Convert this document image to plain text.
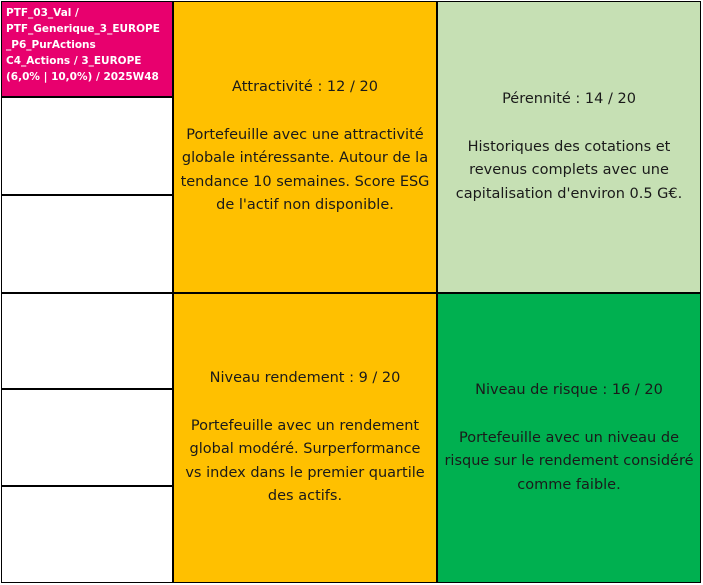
PTF_03_Val /
PTF_Generique_3_EUROPE
_P6_PurActions
C4_Actions / 3_EUROPE
(6,0% | 10,0%) / 2025W48
Attractivité : 12 / 20
Portefeuille avec une attractivité globale intéressante. Autour de la tendance 10 semaines. Score ESG de l'actif non disponible.
Pérennité : 14 / 20
Historiques des cotations et revenus complets avec une capitalisation d'environ 0.5 G€.
Niveau rendement : 9 / 20
Portefeuille avec un rendement global modéré. Surperformance vs index dans le premier quartile des actifs.
Niveau de risque : 16 / 20
Portefeuille avec un niveau de risque sur le rendement considéré comme faible.
